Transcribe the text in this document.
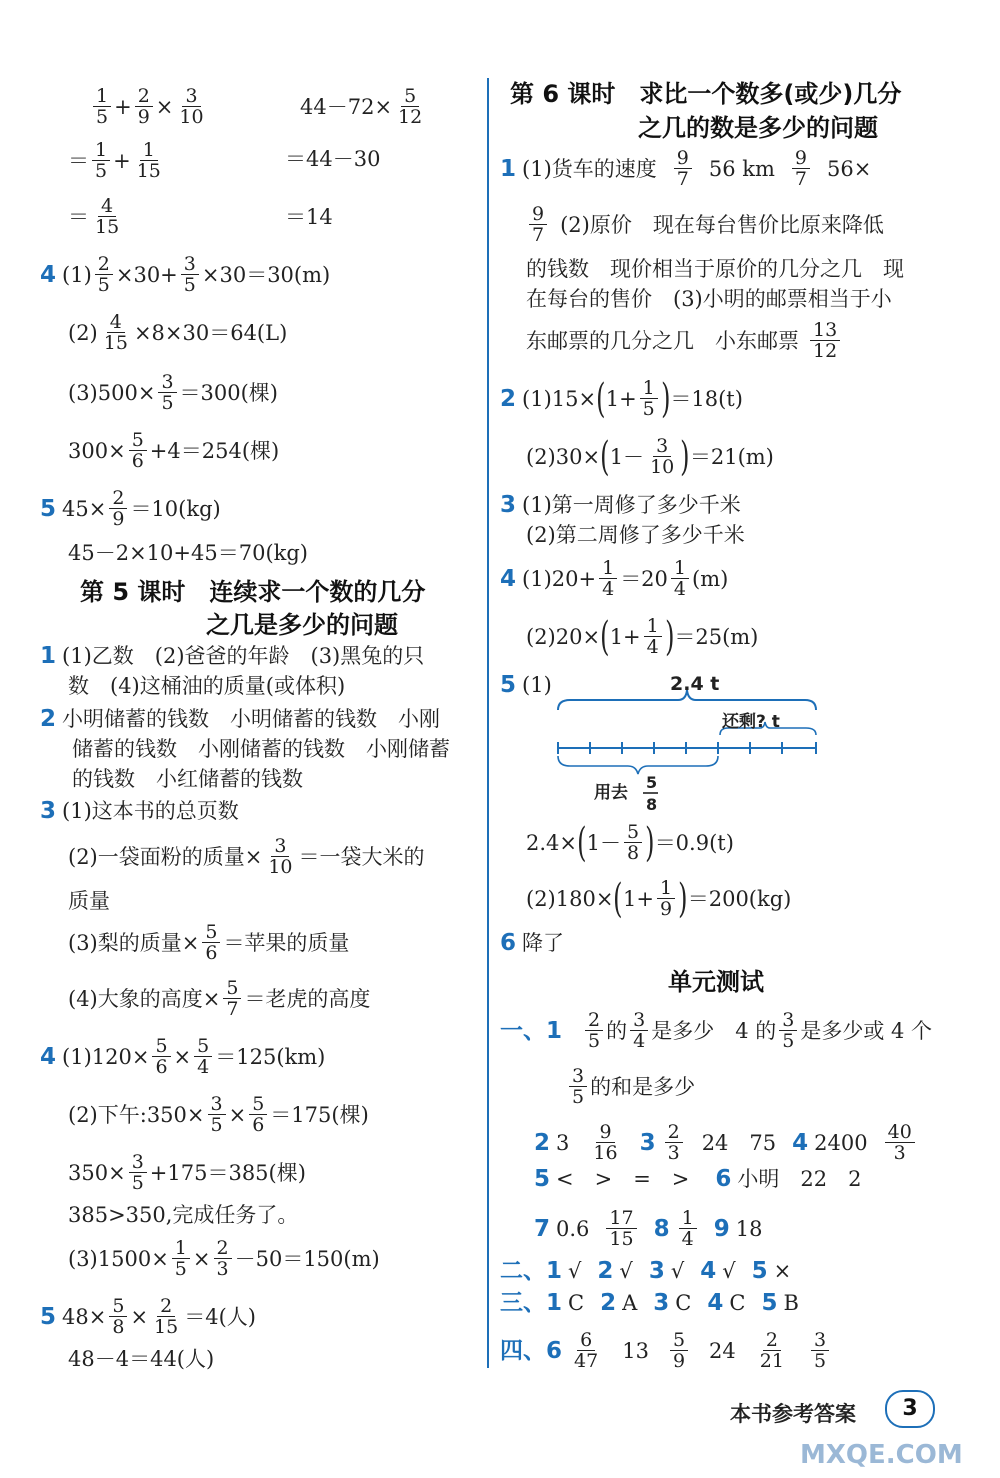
$\frac{1}{5} + \frac{2}{9} \times \frac{3}{10}$	$44-72\times \frac{5}{12}$
＝ $\frac{1}{5} + \frac{1}{15}$	＝44－30
＝ $\frac{4}{15}$	＝14
4 $(1) \frac{2}{5} \times 30+ \frac{3}{5} \times 30=30(m)$
$(2) \frac{4}{15} \times 8\times 30=64(L)$
$(3)500\times \frac{3}{5} =300$(棵)
$300\times \frac{5}{6} +4=254$(棵)
5 $45\times \frac{2}{9} =10(kg)$
45－2×10+45＝70(kg)
第 5 课时　连续求一个数的几分
之几是多少的问题
1 (1)乙数　(2)爸爸的年龄　(3)黑兔的只
数　(4)这桶油的质量(或体积)
2 小明储蓄的钱数　小明储蓄的钱数　小刚
储蓄的钱数　小刚储蓄的钱数　小刚储蓄
的钱数　小红储蓄的钱数
3 (1)这本书的总页数
(2)一袋面粉的质量× $\frac{3}{10}$ ＝一袋大米的
质量
(3)梨的质量× $\frac{5}{6}$ ＝苹果的质量
(4)大象的高度× $\frac{5}{7}$ ＝老虎的高度
4 $(1)120\times \frac{5}{6} \times \frac{5}{4} =125(km)$
(2)下午:350× $\frac{3}{5} \times \frac{5}{6} =175$(棵)
$350\times \frac{3}{5} +175=385$(棵)
385>350,完成任务了。
$(3)1500\times \frac{1}{5} \times \frac{2}{3} -50=150(m)$
5 $48\times \frac{5}{8} \times \frac{2}{15} =4$(人)
48－4＝44(人)
第 6 课时　求比一个数多(或少)几分
之几的数是多少的问题
1 (1)货车的速度 $\frac{9}{7} 56$ km $\frac{9}{7} 56\times$
$\frac{9}{7} (2)$原价　现在每台售价比原来降低
的钱数　现价相当于原价的几分之几　现
在每台的售价　(3)小明的邮票相当于小
东邮票的几分之几　小东邮票 $\frac{13}{12}$
2 (1)15× ( $1+ \frac{1}{5}$ ) ＝18(t)
(2)30× ( $1- \frac{3}{10}$ ) ＝21(m)
3 (1)第一周修了多少千米
(2)第二周修了多少千米
4 $(1)20+ \frac{1}{4} =20 \frac{1}{4} (m)$
(2)20× ( $1+ \frac{1}{4}$ ) ＝25(m)
5 (1)	2.4 t
还剩? t
用去
5
8
2.4× ( $1- \frac{5}{8}$ ) ＝0.9(t)
(2)180× ( $1+ \frac{1}{9}$ ) ＝200(kg)
6 降了
单元测试
一、$1 \frac{2}{5}$ 的 $\frac{3}{4}$ 是多少　4 的 $\frac{3}{5}$ 是多少或 4 个
$\frac{3}{5}$ 的和是多少
2 $3 \frac{9}{16} 3 \frac{2}{3} 24$　75 4 $2400 \frac{40}{3}$
5 <　>　=　> 6 小明　22　2
7 $0.6 \frac{17}{15} 8 \frac{1}{4} 9$ 18
二、1 √ 2 √ 3 √ 4 √ 5 ×
三、1 C 2 A 3 C 4 C 5 B
四、$6 \frac{6}{47} 13 \frac{5}{9} 24 \frac{2}{21} \frac{3}{5}$
本书参考答案	3
MXQE.COM
